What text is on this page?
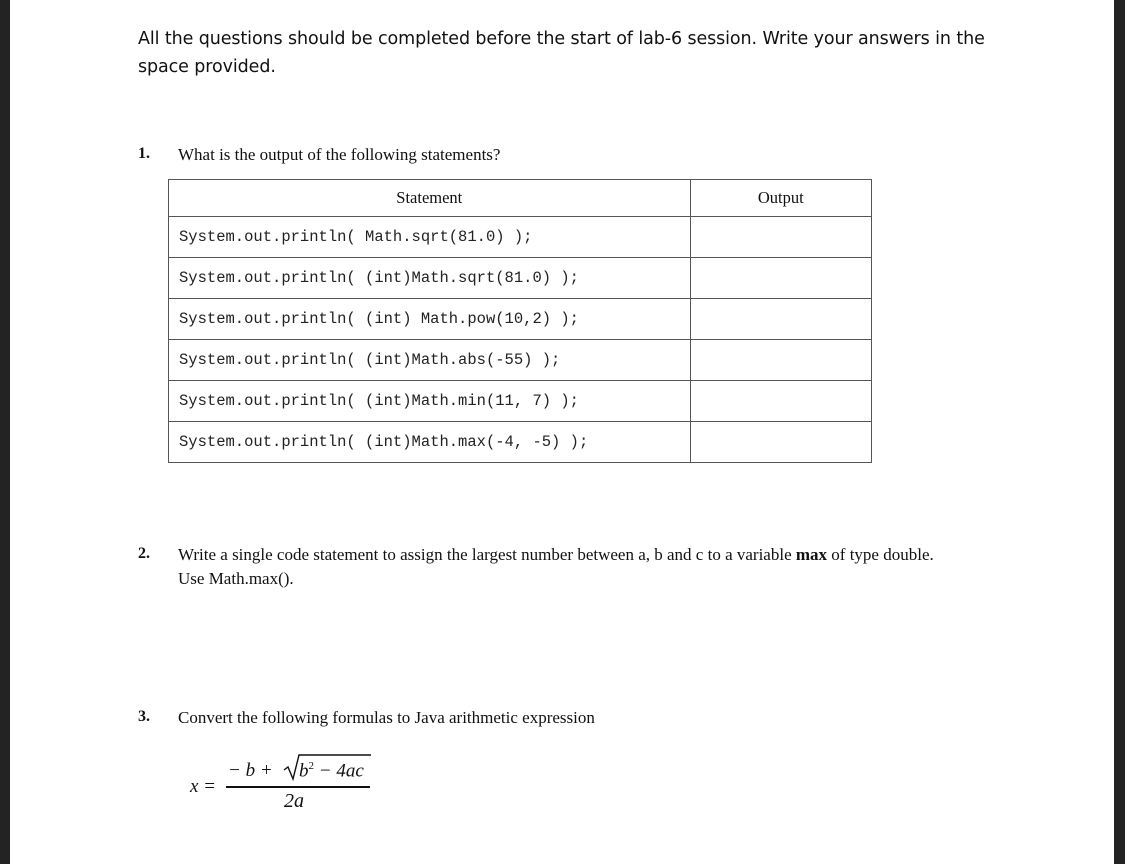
All the questions should be completed before the start of lab-6 session. Write your answers in the space provided.
1. What is the output of the following statements?
Statement	Output
System.out.println( Math.sqrt(81.0) );	
System.out.println( (int)Math.sqrt(81.0) );	
System.out.println( (int) Math.pow(10,2) );	
System.out.println( (int)Math.abs(-55) );	
System.out.println( (int)Math.min(11, 7) );	
System.out.println( (int)Math.max(-4, -5) );	
2. Write a single code statement to assign the largest number between a, b and c to a variable max of type double.
Use Math.max().
3. Convert the following formulas to Java arithmetic expression
x =
− $b + b^2 - 4ac$
2a
